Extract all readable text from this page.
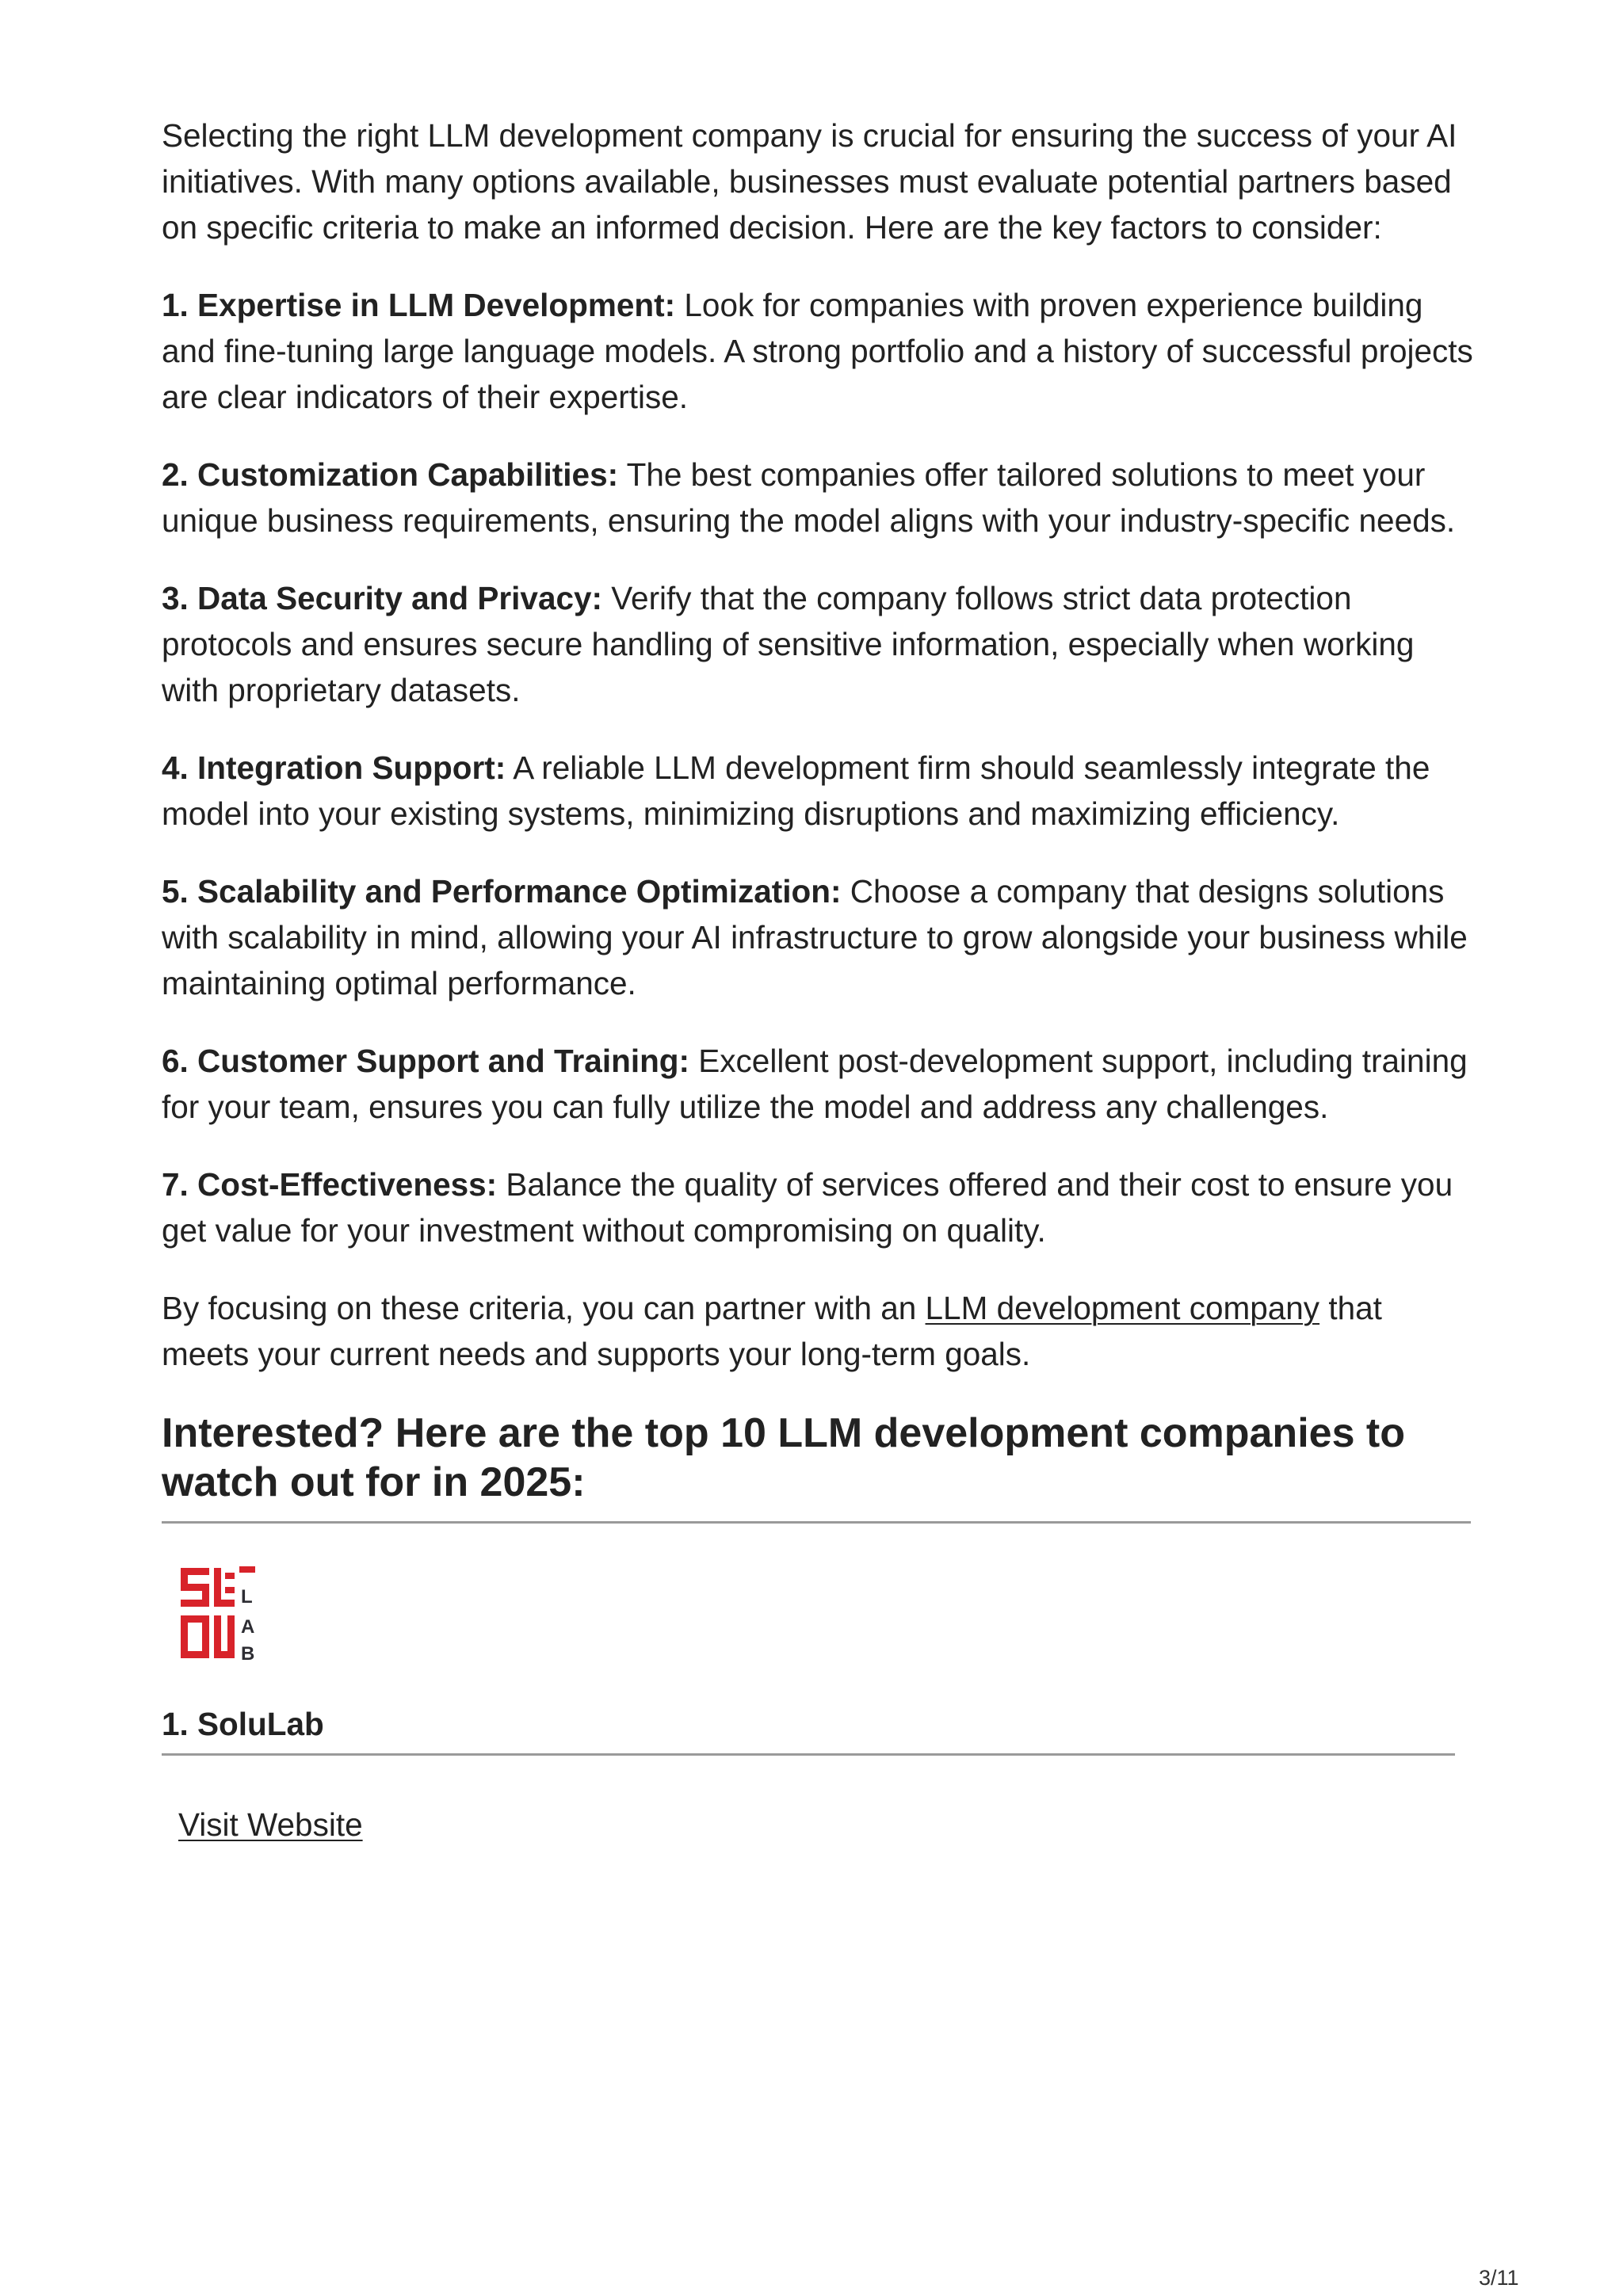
Selecting the right LLM development company is crucial for ensuring the success of your AI initiatives. With many options available, businesses must evaluate potential partners based on specific criteria to make an informed decision. Here are the key factors to consider:

1. Expertise in LLM Development: Look for companies with proven experience building and fine-tuning large language models. A strong portfolio and a history of successful projects are clear indicators of their expertise.

2. Customization Capabilities: The best companies offer tailored solutions to meet your unique business requirements, ensuring the model aligns with your industry-specific needs.

3. Data Security and Privacy: Verify that the company follows strict data protection protocols and ensures secure handling of sensitive information, especially when working with proprietary datasets.

4. Integration Support: A reliable LLM development firm should seamlessly integrate the model into your existing systems, minimizing disruptions and maximizing efficiency.

5. Scalability and Performance Optimization: Choose a company that designs solutions with scalability in mind, allowing your AI infrastructure to grow alongside your business while maintaining optimal performance.

6. Customer Support and Training: Excellent post-development support, including training for your team, ensures you can fully utilize the model and address any challenges.

7. Cost-Effectiveness: Balance the quality of services offered and their cost to ensure you get value for your investment without compromising on quality.

By focusing on these criteria, you can partner with an LLM development company that meets your current needs and supports your long-term goals.

Interested? Here are the top 10 LLM development companies to watch out for in 2025:
L
A
B
1. SoluLab
Visit Website
3/11
